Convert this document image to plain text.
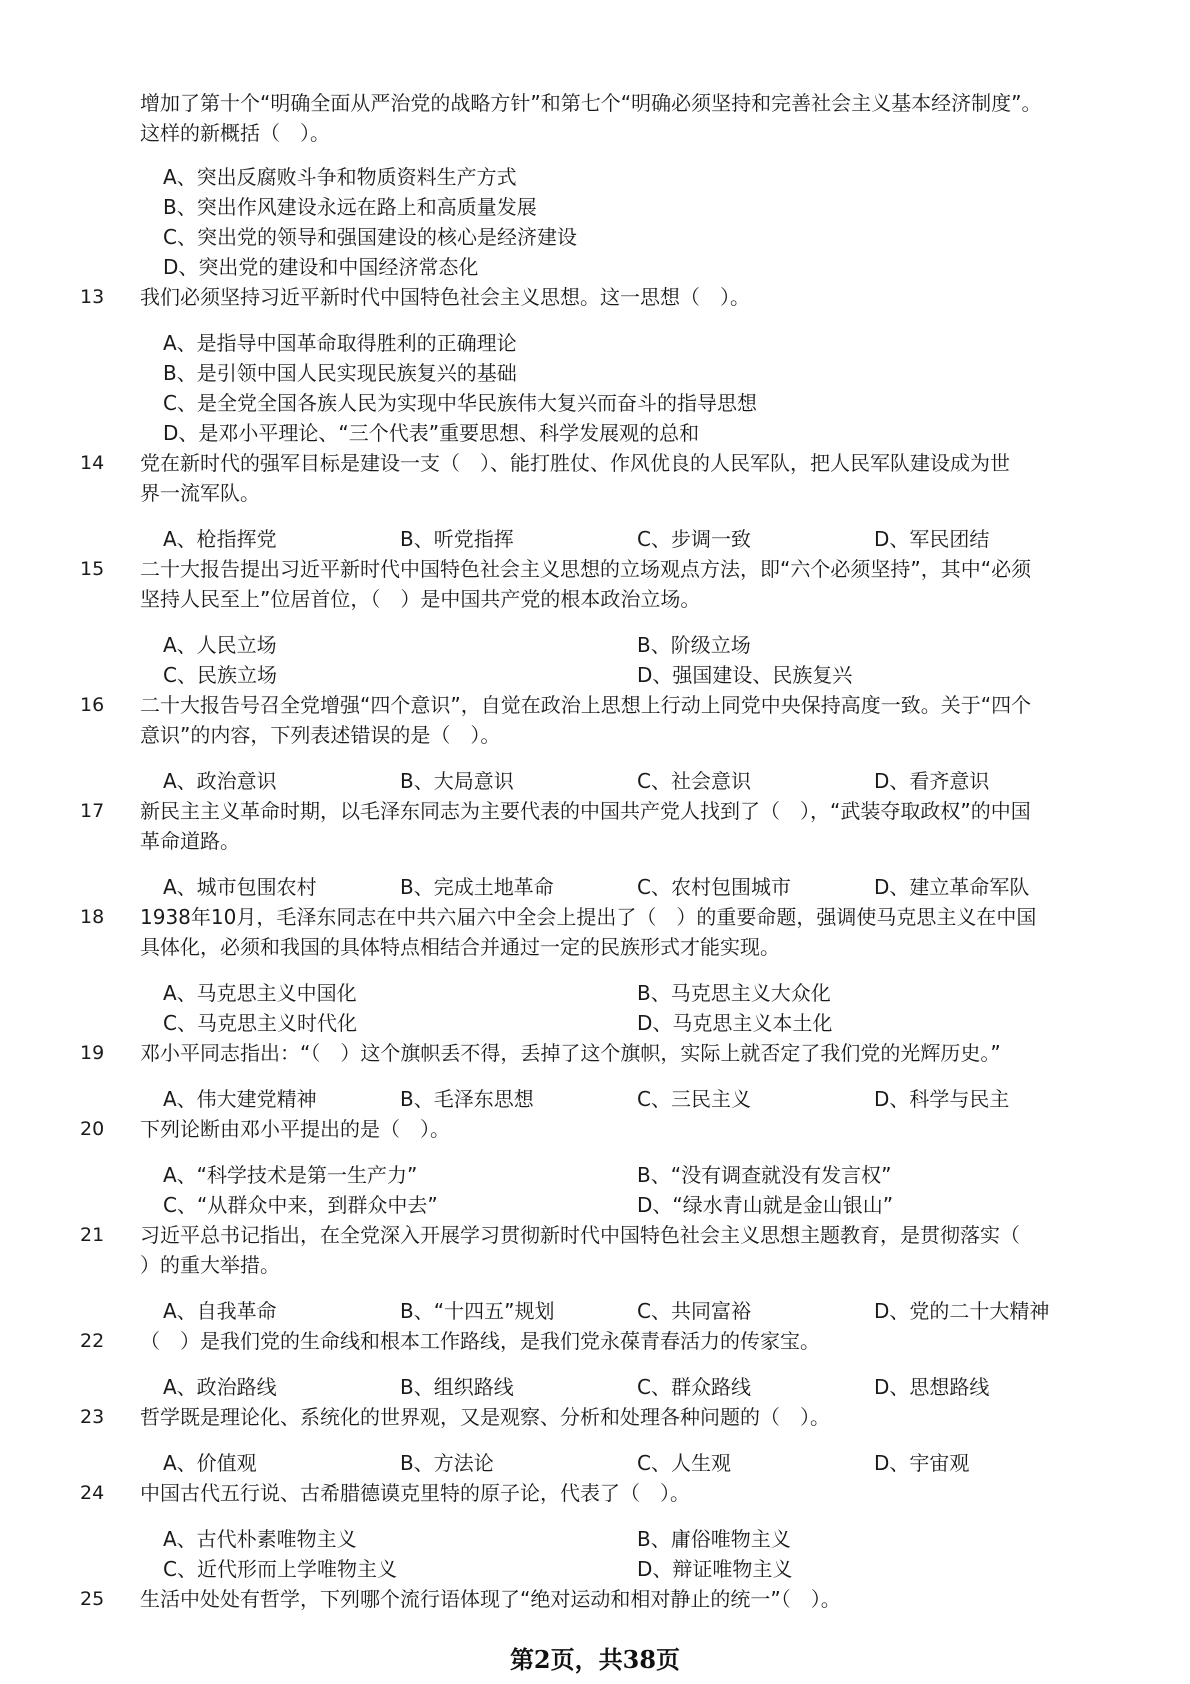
增加了第十个“明确全面从严治党的战略方针”和第七个“明确必须坚持和完善社会主义基本经济制度”。
这样的新概括（　）。
A、突出反腐败斗争和物质资料生产方式
B、突出作风建设永远在路上和高质量发展
C、突出党的领导和强国建设的核心是经济建设
D、突出党的建设和中国经济常态化
13	我们必须坚持习近平新时代中国特色社会主义思想。这一思想（　）。
A、是指导中国革命取得胜利的正确理论
B、是引领中国人民实现民族复兴的基础
C、是全党全国各族人民为实现中华民族伟大复兴而奋斗的指导思想
D、是邓小平理论、“三个代表”重要思想、科学发展观的总和
14	党在新时代的强军目标是建设一支（　）、能打胜仗、作风优良的人民军队，把人民军队建设成为世
界一流军队。
A、枪指挥党	B、听党指挥	C、步调一致	D、军民团结
15	二十大报告提出习近平新时代中国特色社会主义思想的立场观点方法，即“六个必须坚持”，其中“必须
坚持人民至上”位居首位，（　）是中国共产党的根本政治立场。
A、人民立场	B、阶级立场
C、民族立场	D、强国建设、民族复兴
16	二十大报告号召全党增强“四个意识”，自觉在政治上思想上行动上同党中央保持高度一致。关于“四个
意识”的内容，下列表述错误的是（　）。
A、政治意识	B、大局意识	C、社会意识	D、看齐意识
17	新民主主义革命时期，以毛泽东同志为主要代表的中国共产党人找到了（　），“武装夺取政权”的中国
革命道路。
A、城市包围农村	B、完成土地革命	C、农村包围城市	D、建立革命军队
18	1938年10月，毛泽东同志在中共六届六中全会上提出了（　）的重要命题，强调使马克思主义在中国
具体化，必须和我国的具体特点相结合并通过一定的民族形式才能实现。
A、马克思主义中国化	B、马克思主义大众化
C、马克思主义时代化	D、马克思主义本土化
19	邓小平同志指出：“（　）这个旗帜丢不得，丢掉了这个旗帜，实际上就否定了我们党的光辉历史。”
A、伟大建党精神	B、毛泽东思想	C、三民主义	D、科学与民主
20	下列论断由邓小平提出的是（　）。
A、“科学技术是第一生产力”	B、“没有调查就没有发言权”
C、“从群众中来，到群众中去”	D、“绿水青山就是金山银山”
21	习近平总书记指出，在全党深入开展学习贯彻新时代中国特色社会主义思想主题教育，是贯彻落实（
）的重大举措。
A、自我革命	B、“十四五”规划	C、共同富裕	D、党的二十大精神
22	（　）是我们党的生命线和根本工作路线，是我们党永葆青春活力的传家宝。
A、政治路线	B、组织路线	C、群众路线	D、思想路线
23	哲学既是理论化、系统化的世界观，又是观察、分析和处理各种问题的（　）。
A、价值观	B、方法论	C、人生观	D、宇宙观
24	中国古代五行说、古希腊德谟克里特的原子论，代表了（　）。
A、古代朴素唯物主义	B、庸俗唯物主义
C、近代形而上学唯物主义	D、辩证唯物主义
25	生活中处处有哲学，下列哪个流行语体现了“绝对运动和相对静止的统一”（　）。
第2页，共38页
